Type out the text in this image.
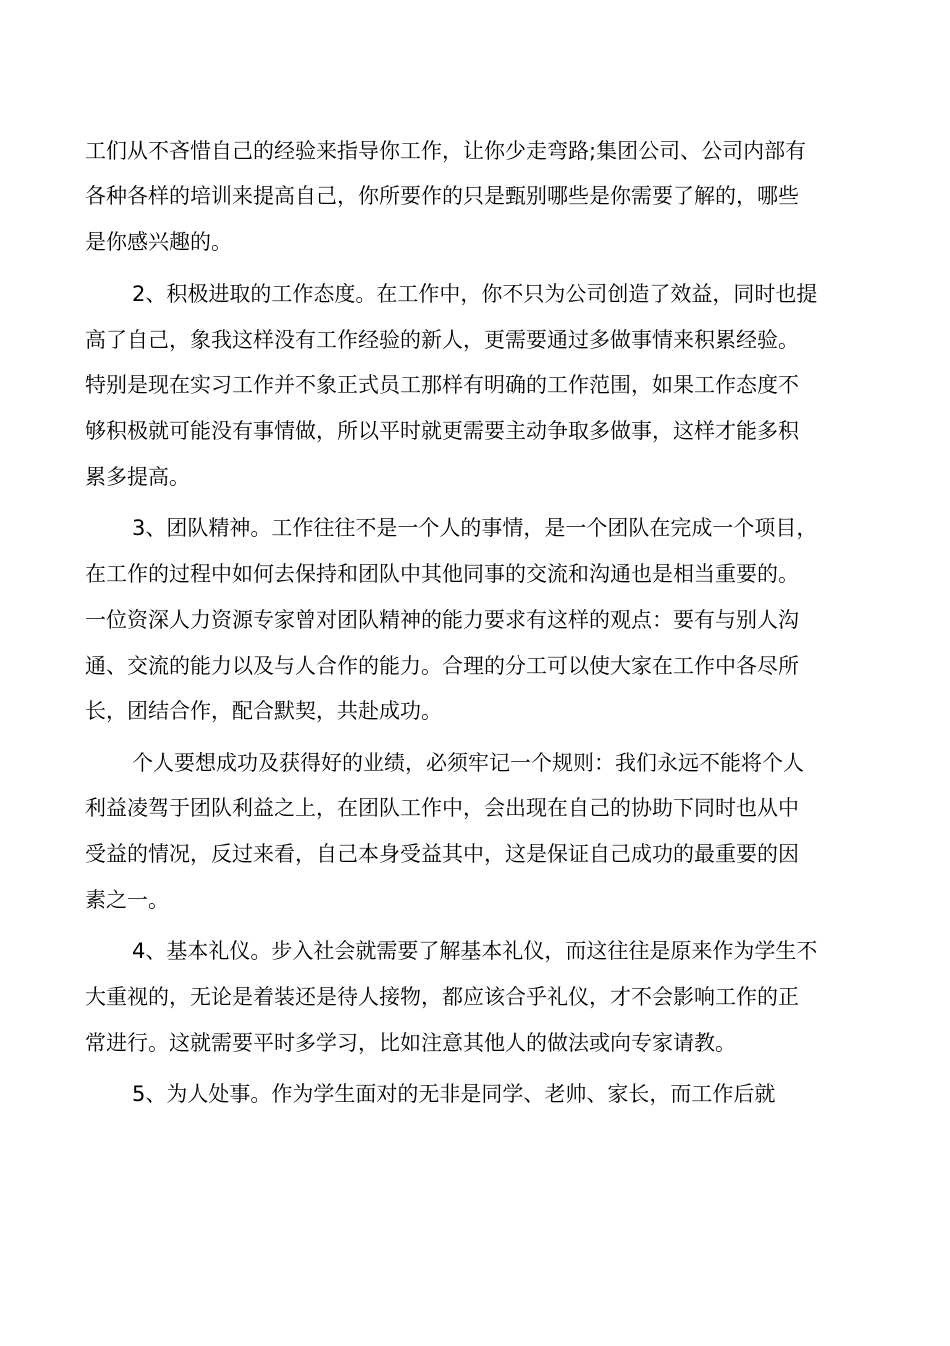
工们从不吝惜自己的经验来指导你工作，让你少走弯路;集团公司、公司内部有
各种各样的培训来提高自己，你所要作的只是甄别哪些是你需要了解的，哪些
是你感兴趣的。
2、积极进取的工作态度。在工作中，你不只为公司创造了效益，同时也提
高了自己，象我这样没有工作经验的新人，更需要通过多做事情来积累经验。
特别是现在实习工作并不象正式员工那样有明确的工作范围，如果工作态度不
够积极就可能没有事情做，所以平时就更需要主动争取多做事，这样才能多积
累多提高。
3、团队精神。工作往往不是一个人的事情，是一个团队在完成一个项目，
在工作的过程中如何去保持和团队中其他同事的交流和沟通也是相当重要的。
一位资深人力资源专家曾对团队精神的能力要求有这样的观点：要有与别人沟
通、交流的能力以及与人合作的能力。合理的分工可以使大家在工作中各尽所
长，团结合作，配合默契，共赴成功。
个人要想成功及获得好的业绩，必须牢记一个规则：我们永远不能将个人
利益凌驾于团队利益之上，在团队工作中，会出现在自己的协助下同时也从中
受益的情况，反过来看，自己本身受益其中，这是保证自己成功的最重要的因
素之一。
4、基本礼仪。步入社会就需要了解基本礼仪，而这往往是原来作为学生不
大重视的，无论是着装还是待人接物，都应该合乎礼仪，才不会影响工作的正
常进行。这就需要平时多学习，比如注意其他人的做法或向专家请教。
5、为人处事。作为学生面对的无非是同学、老帅、家长，而工作后就
